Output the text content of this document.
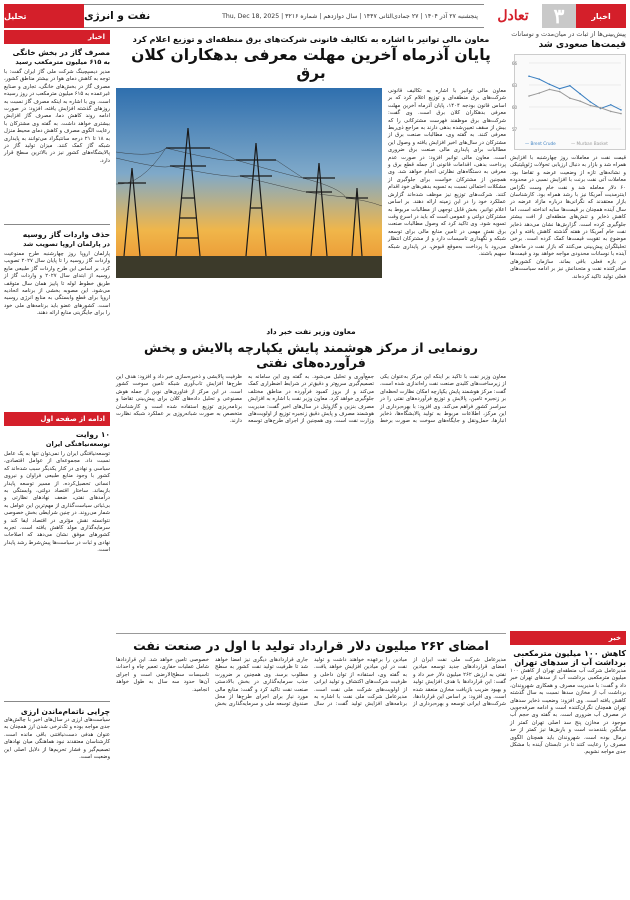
اخبار
۳
تعادل
پنجشنبه ۲۷ آذر ۱۴۰۴ | ۲۷ جمادی‌الثانی ۱۴۴۷ | سال دوازدهم | شماره ۳۲۱۶ | Thu, Dec 18, 2025
نفت و انرژی
تحلیل
پیش‌بینی‌ها از ثبات در میان‌مدت و نوسانات
قیمت‌ها صعودی شد
57
60
63
66
— Brent Crude	— Murban Basket
قیمت نفت در معاملات روز چهارشنبه با افزایش همراه شد و بازار به دنبال ارزیابی تحولات ژئوپلیتیکی و نشانه‌های تازه از وضعیت عرضه و تقاضا بود. معاملات آتی نفت برنت با افزایش نسبی در محدوده ۶۰ دلار معامله شد و نفت خام وست تگزاس اینترمدیت آمریکا نیز با رشد همراه بود. کارشناسان بازار معتقدند که نگرانی‌ها درباره مازاد عرضه در سال آینده همچنان بر قیمت‌ها سایه انداخته است، اما کاهش ذخایر و تنش‌های منطقه‌ای از افت بیشتر جلوگیری کرده است. گزارش‌ها نشان می‌دهد ذخایر نفت خام آمریکا در هفته گذشته کاهش یافته و این موضوع به تقویت قیمت‌ها کمک کرده است. برخی تحلیلگران پیش‌بینی می‌کنند که بازار نفت در ماه‌های آینده با نوسانات محدودی مواجه خواهد بود و قیمت‌ها در بازه فعلی باقی بماند. سازمان کشورهای صادرکننده نفت و متحدانش نیز بر ادامه سیاست‌های فعلی تولید تاکید کرده‌اند.
خبر
کاهش ۱۰۰ میلیون مترمکعبی برداشت آب از سدهای تهران
مدیرعامل شرکت آب منطقه‌ای تهران از کاهش ۱۰۰ میلیون مترمکعبی برداشت آب از سدهای تهران خبر داد و گفت: با مدیریت مصرف و همکاری شهروندان، برداشت آب از مخازن سدها نسبت به سال گذشته کاهش یافته است. وی افزود: وضعیت ذخایر سدهای تهران همچنان نگران‌کننده است و ادامه صرفه‌جویی در مصرف آب ضروری است. به گفته وی حجم آب موجود در مخازن پنج سد اصلی تهران کمتر از میانگین بلندمدت است و بارش‌ها نیز کمتر از حد نرمال بوده است. شهروندان باید همچنان الگوی مصرف را رعایت کنند تا در تابستان آینده با مشکل جدی مواجه نشویم.
اخبار
مصرف گاز در بخش خانگی
به ۶۱۵ میلیون مترمکعب رسید
مدیر دیسپچینگ شرکت ملی گاز ایران گفت: با توجه به کاهش دمای هوا در بیشتر مناطق کشور، مصرف گاز در بخش‌های خانگی، تجاری و صنایع غیرعمده به ۶۱۵ میلیون مترمکعب در روز رسیده است. وی با اشاره به اینکه مصرف گاز نسبت به روزهای گذشته افزایش یافته، افزود: در صورت ادامه روند کاهش دما، مصرف گاز افزایش بیشتری خواهد داشت. به گفته وی مشترکان با رعایت الگوی مصرف و کاهش دمای محیط منزل به ۱۸ تا ۲۱ درجه سانتیگراد می‌توانند به پایداری شبکه گاز کمک کنند. میزان تولید گاز در پالایشگاه‌های کشور نیز در بالاترین سطح قرار دارد.
حذف واردات گاز روسیه
در پارلمان اروپا تصویب شد
پارلمان اروپا روز چهارشنبه طرح ممنوعیت واردات گاز روسیه را تا پایان سال ۲۰۲۷ تصویب کرد. بر اساس این طرح واردات گاز طبیعی مایع روسیه از ابتدای سال ۲۰۲۷ و واردات گاز از طریق خطوط لوله تا پاییز همان سال متوقف می‌شود. این مصوبه بخشی از برنامه اتحادیه اروپا برای قطع وابستگی به منابع انرژی روسیه است. کشورهای عضو باید برنامه‌های ملی خود را برای جایگزینی منابع ارائه دهند.
ادامه از صفحه اول
۱۰ روایت
توسعه‌نیافتگی ایران
توسعه‌نیافتگی ایران را نمی‌توان تنها به یک عامل نسبت داد. مجموعه‌ای از عوامل اقتصادی، سیاسی و نهادی در کنار یکدیگر سبب شده‌اند که کشور با وجود منابع طبیعی فراوان و نیروی انسانی تحصیل‌کرده، از مسیر توسعه پایدار بازبماند. ساختار اقتصاد دولتی، وابستگی به درآمدهای نفتی، ضعف نهادهای نظارتی و بی‌ثباتی سیاست‌گذاری از مهم‌ترین این عوامل به شمار می‌روند. در چنین شرایطی بخش خصوصی نتوانسته نقش مؤثری در اقتصاد ایفا کند و سرمایه‌گذاری مولد کاهش یافته است. تجربه کشورهای موفق نشان می‌دهد که اصلاحات نهادی و ثبات در سیاست‌ها پیش‌شرط رشد پایدار است.
چرایی ناتمام‌ماندن ارزی
سیاست‌های ارزی در سال‌های اخیر با چالش‌های جدی مواجه بوده و تک‌نرخی شدن ارز همچنان به عنوان هدفی دست‌نیافتنی باقی مانده است. کارشناسان معتقدند نبود هماهنگی میان نهادهای تصمیم‌گیر و فشار تحریم‌ها از دلایل اصلی این وضعیت است.
معاون مالی توانیر با اشاره به تکالیف قانونی شرکت‌های برق منطقه‌ای و توزیع اعلام کرد
پایان آذرماه آخرین مهلت معرفی بدهکاران کلان برق
معاون مالی توانیر با اشاره به تکالیف قانونی شرکت‌های برق منطقه‌ای و توزیع اعلام کرد که بر اساس قانون بودجه ۱۴۰۴، پایان آذرماه آخرین مهلت معرفی بدهکاران کلان برق است. وی گفت: شرکت‌های برق موظفند فهرست مشترکانی را که بیش از سقف تعیین‌شده بدهی دارند به مراجع ذی‌ربط معرفی کنند. به گفته وی، مطالبات صنعت برق از مشترکان در سال‌های اخیر افزایش یافته و وصول این مطالبات برای پایداری مالی صنعت برق ضروری است. معاون مالی توانیر افزود: در صورت عدم پرداخت بدهی، اقدامات قانونی از جمله قطع برق و معرفی به دستگاه‌های نظارتی انجام خواهد شد. وی همچنین از مشترکان خواست برای جلوگیری از مشکلات احتمالی نسبت به تسویه بدهی‌های خود اقدام کنند. شرکت‌های توزیع نیز موظف شده‌اند گزارش عملکرد خود را در این زمینه ارائه دهند. بر اساس اعلام توانیر، بخش قابل توجهی از مطالبات مربوط به مشترکان دولتی و عمومی است که باید در اسرع وقت تسویه شود. وی تاکید کرد که وصول مطالبات صنعت برق نقش مهمی در تامین منابع مالی برای توسعه شبکه و نگهداری تاسیسات دارد و از مشترکان انتظار می‌رود با پرداخت به‌موقع قبوض، در پایداری شبکه سهیم باشند.
معاون وزیر نفت خبر داد
رونمایی از مرکز هوشمند پایش یکپارچه پالایش و پخش فرآورده‌های نفتی
معاون وزیر نفت با تاکید بر اینکه این مرکز به‌عنوان یکی از زیرساخت‌های کلیدی صنعت نفت راه‌اندازی شده است، گفت: مرکز هوشمند پایش یکپارچه امکان نظارت لحظه‌ای بر زنجیره تامین، پالایش و توزیع فرآورده‌های نفتی را در سراسر کشور فراهم می‌کند. وی افزود: با بهره‌برداری از این مرکز، اطلاعات مربوط به تولید پالایشگاه‌ها، ذخایر انبارها، حمل‌ونقل و جایگاه‌های سوخت به صورت برخط جمع‌آوری و تحلیل می‌شود. به گفته وی این سامانه به تصمیم‌گیری سریع‌تر و دقیق‌تر در شرایط اضطراری کمک می‌کند و از بروز کمبود فرآورده در مناطق مختلف جلوگیری خواهد کرد. معاون وزیر نفت با اشاره به افزایش مصرف بنزین و گازوئیل در سال‌های اخیر گفت: مدیریت هوشمند مصرف و پایش دقیق زنجیره توزیع از اولویت‌های وزارت نفت است. وی همچنین از اجرای طرح‌های توسعه ظرفیت پالایشی و ذخیره‌سازی خبر داد و افزود: هدف این طرح‌ها افزایش تاب‌آوری شبکه تامین سوخت کشور است. در این مرکز از فناوری‌های نوین از جمله هوش مصنوعی و تحلیل داده‌های کلان برای پیش‌بینی تقاضا و برنامه‌ریزی توزیع استفاده شده است و کارشناسان متخصص به صورت شبانه‌روزی بر عملکرد شبکه نظارت دارند.
امضای ۲۶۲ میلیون دلار قرارداد تولید با اول در صنعت نفت
مدیرعامل شرکت ملی نفت ایران از امضای قراردادهای جدید توسعه میادین نفتی به ارزش ۲۶۲ میلیون دلار خبر داد و گفت: این قراردادها با هدف افزایش تولید و بهبود ضریب بازیافت مخازن منعقد شده است. وی افزود: بر اساس این قراردادها، شرکت‌های ایرانی توسعه و بهره‌برداری از میادین را برعهده خواهند داشت و تولید نفت در این میادین افزایش خواهد یافت. به گفته وی، استفاده از توان داخلی و ظرفیت شرکت‌های اکتشاف و تولید ایرانی از اولویت‌های شرکت ملی نفت است. مدیرعامل شرکت ملی نفت با اشاره به برنامه‌های افزایش تولید گفت: در سال جاری قراردادهای دیگری نیز امضا خواهد شد تا ظرفیت تولید نفت کشور به سطح مطلوب برسد. وی همچنین بر ضرورت جذب سرمایه‌گذاری در بخش بالادستی صنعت نفت تاکید کرد و گفت: منابع مالی مورد نیاز برای اجرای طرح‌ها از محل صندوق توسعه ملی و سرمایه‌گذاری بخش خصوصی تامین خواهد شد. این قراردادها شامل عملیات حفاری، تعمیر چاه و احداث تاسیسات سطح‌الارضی است و اجرای آن‌ها حدود سه سال به طول خواهد انجامید.
